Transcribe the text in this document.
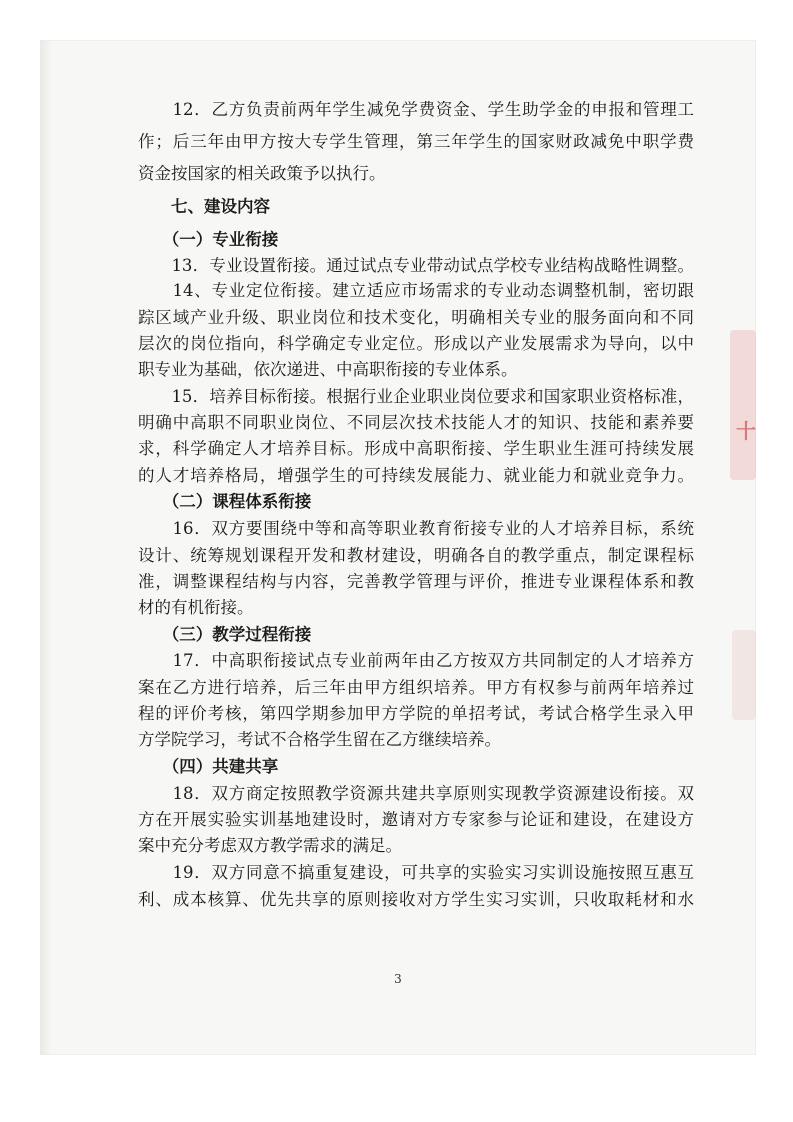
　　12．乙方负责前两年学生减免学费资金、学生助学金的申报和管理工
作；后三年由甲方按大专学生管理，第三年学生的国家财政减免中职学费
资金按国家的相关政策予以执行。
　　七、建设内容
　　（一）专业衔接
　　13．专业设置衔接。通过试点专业带动试点学校专业结构战略性调整。
　　14、专业定位衔接。建立适应市场需求的专业动态调整机制，密切跟
踪区域产业升级、职业岗位和技术变化，明确相关专业的服务面向和不同
层次的岗位指向，科学确定专业定位。形成以产业发展需求为导向，以中
职专业为基础，依次递进、中高职衔接的专业体系。
　　15．培养目标衔接。根据行业企业职业岗位要求和国家职业资格标准，
明确中高职不同职业岗位、不同层次技术技能人才的知识、技能和素养要
求，科学确定人才培养目标。形成中高职衔接、学生职业生涯可持续发展
的人才培养格局，增强学生的可持续发展能力、就业能力和就业竞争力。
　　（二）课程体系衔接
　　16．双方要围绕中等和高等职业教育衔接专业的人才培养目标，系统
设计、统筹规划课程开发和教材建设，明确各自的教学重点，制定课程标
准，调整课程结构与内容，完善教学管理与评价，推进专业课程体系和教
材的有机衔接。
　　（三）教学过程衔接
　　17．中高职衔接试点专业前两年由乙方按双方共同制定的人才培养方
案在乙方进行培养，后三年由甲方组织培养。甲方有权参与前两年培养过
程的评价考核，第四学期参加甲方学院的单招考试，考试合格学生录入甲
方学院学习，考试不合格学生留在乙方继续培养。
　　（四）共建共享
　　18．双方商定按照教学资源共建共享原则实现教学资源建设衔接。双
方在开展实验实训基地建设时，邀请对方专家参与论证和建设，在建设方
案中充分考虑双方教学需求的满足。
　　19．双方同意不搞重复建设，可共享的实验实习实训设施按照互惠互
利、成本核算、优先共享的原则接收对方学生实习实训，只收取耗材和水
3
十
